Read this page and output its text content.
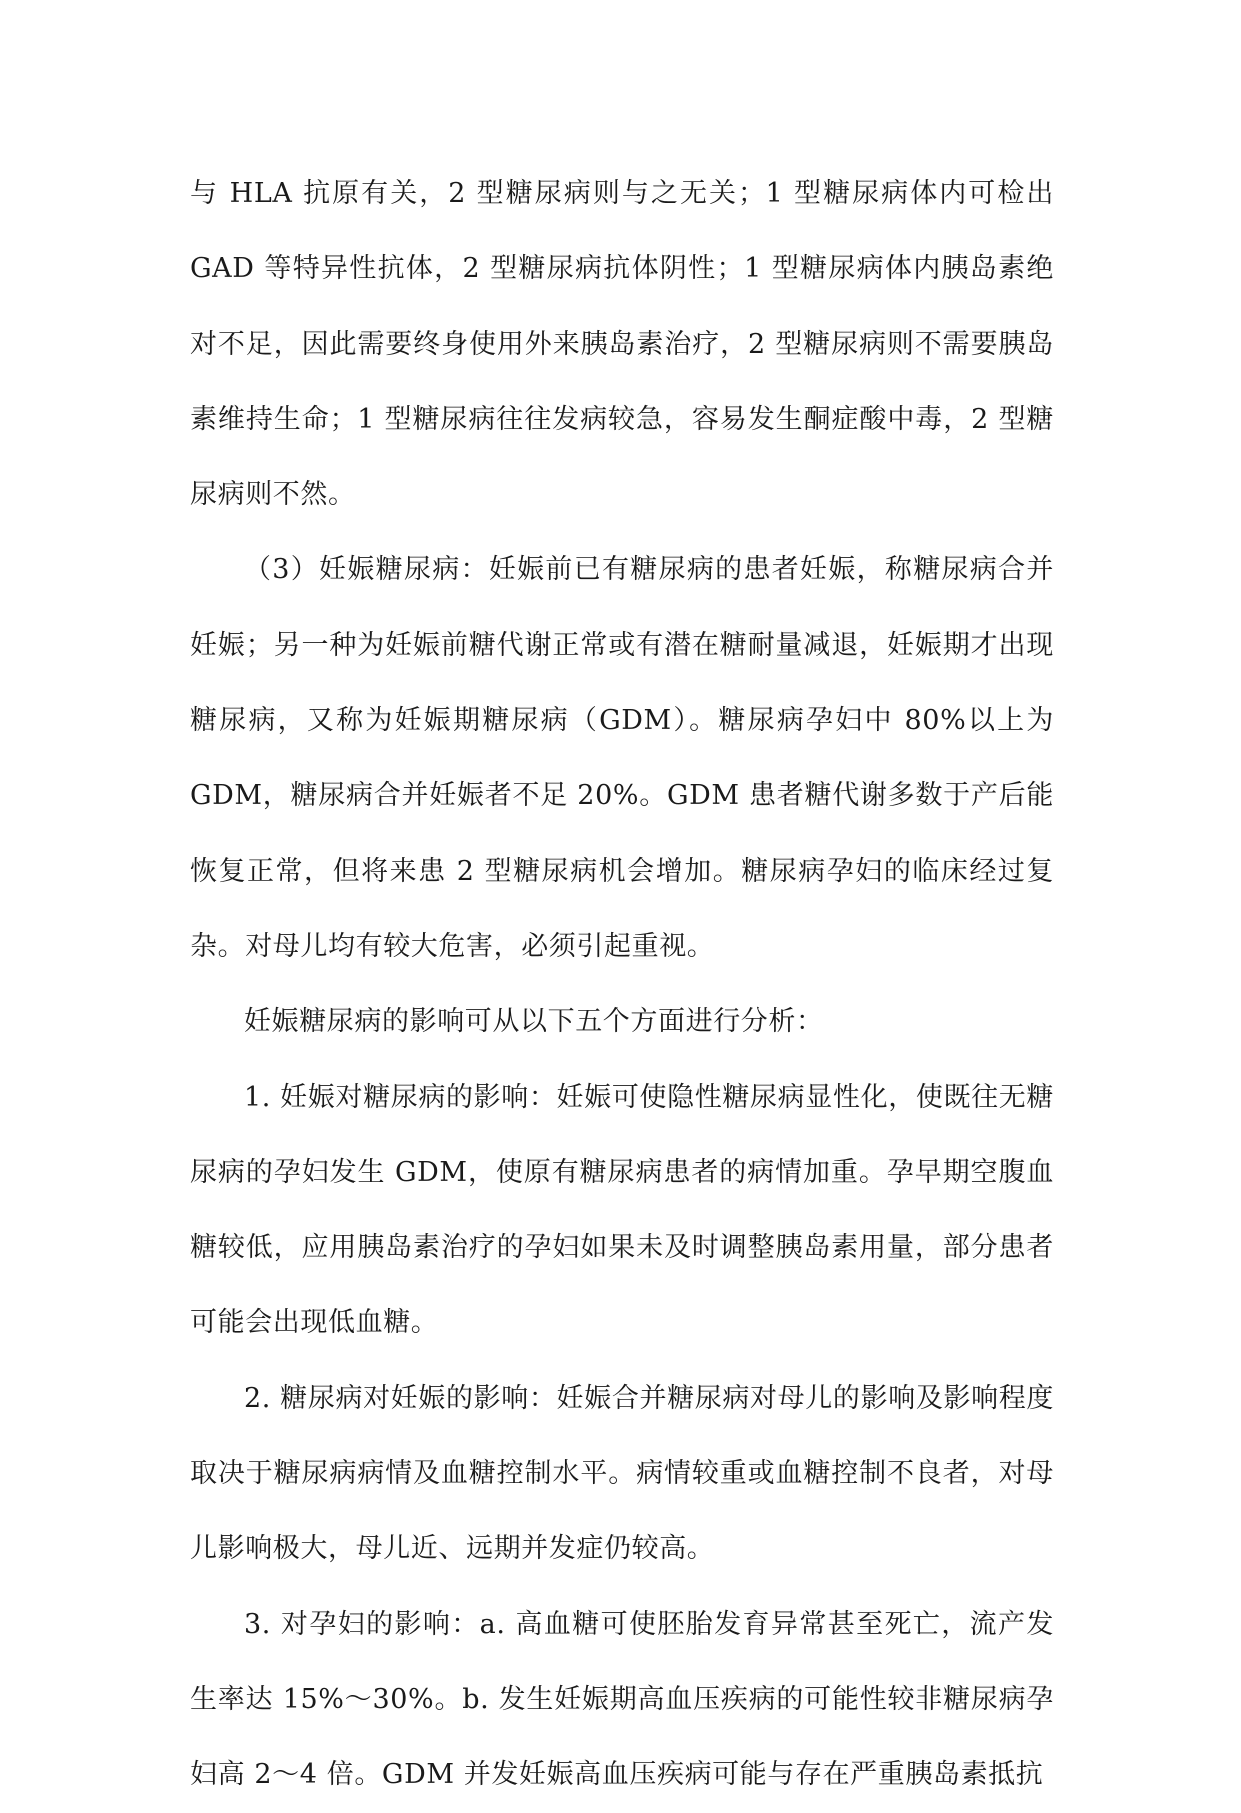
与 HLA 抗原有关，2 型糖尿病则与之无关；1 型糖尿病体内可检出 GAD 等特异性抗体，2 型糖尿病抗体阴性；1 型糖尿病体内胰岛素绝对不足，因此需要终身使用外来胰岛素治疗，2 型糖尿病则不需要胰岛素维持生命；1 型糖尿病往往发病较急，容易发生酮症酸中毒，2 型糖尿病则不然。

（3）妊娠糖尿病：妊娠前已有糖尿病的患者妊娠，称糖尿病合并妊娠；另一种为妊娠前糖代谢正常或有潜在糖耐量减退，妊娠期才出现糖尿病，又称为妊娠期糖尿病（GDM）。糖尿病孕妇中 80%以上为 GDM，糖尿病合并妊娠者不足 20%。GDM 患者糖代谢多数于产后能恢复正常，但将来患 2 型糖尿病机会增加。糖尿病孕妇的临床经过复杂。对母儿均有较大危害，必须引起重视。

妊娠糖尿病的影响可从以下五个方面进行分析：

1. 妊娠对糖尿病的影响：妊娠可使隐性糖尿病显性化，使既往无糖尿病的孕妇发生 GDM，使原有糖尿病患者的病情加重。孕早期空腹血糖较低，应用胰岛素治疗的孕妇如果未及时调整胰岛素用量，部分患者可能会出现低血糖。

2. 糖尿病对妊娠的影响：妊娠合并糖尿病对母儿的影响及影响程度取决于糖尿病病情及血糖控制水平。病情较重或血糖控制不良者，对母儿影响极大，母儿近、远期并发症仍较高。

3. 对孕妇的影响：a. 高血糖可使胚胎发育异常甚至死亡，流产发生率达 15%～30%。b. 发生妊娠期高血压疾病的可能性较非糖尿病孕妇高 2～4 倍。GDM 并发妊娠高血压疾病可能与存在严重胰岛素抵抗
